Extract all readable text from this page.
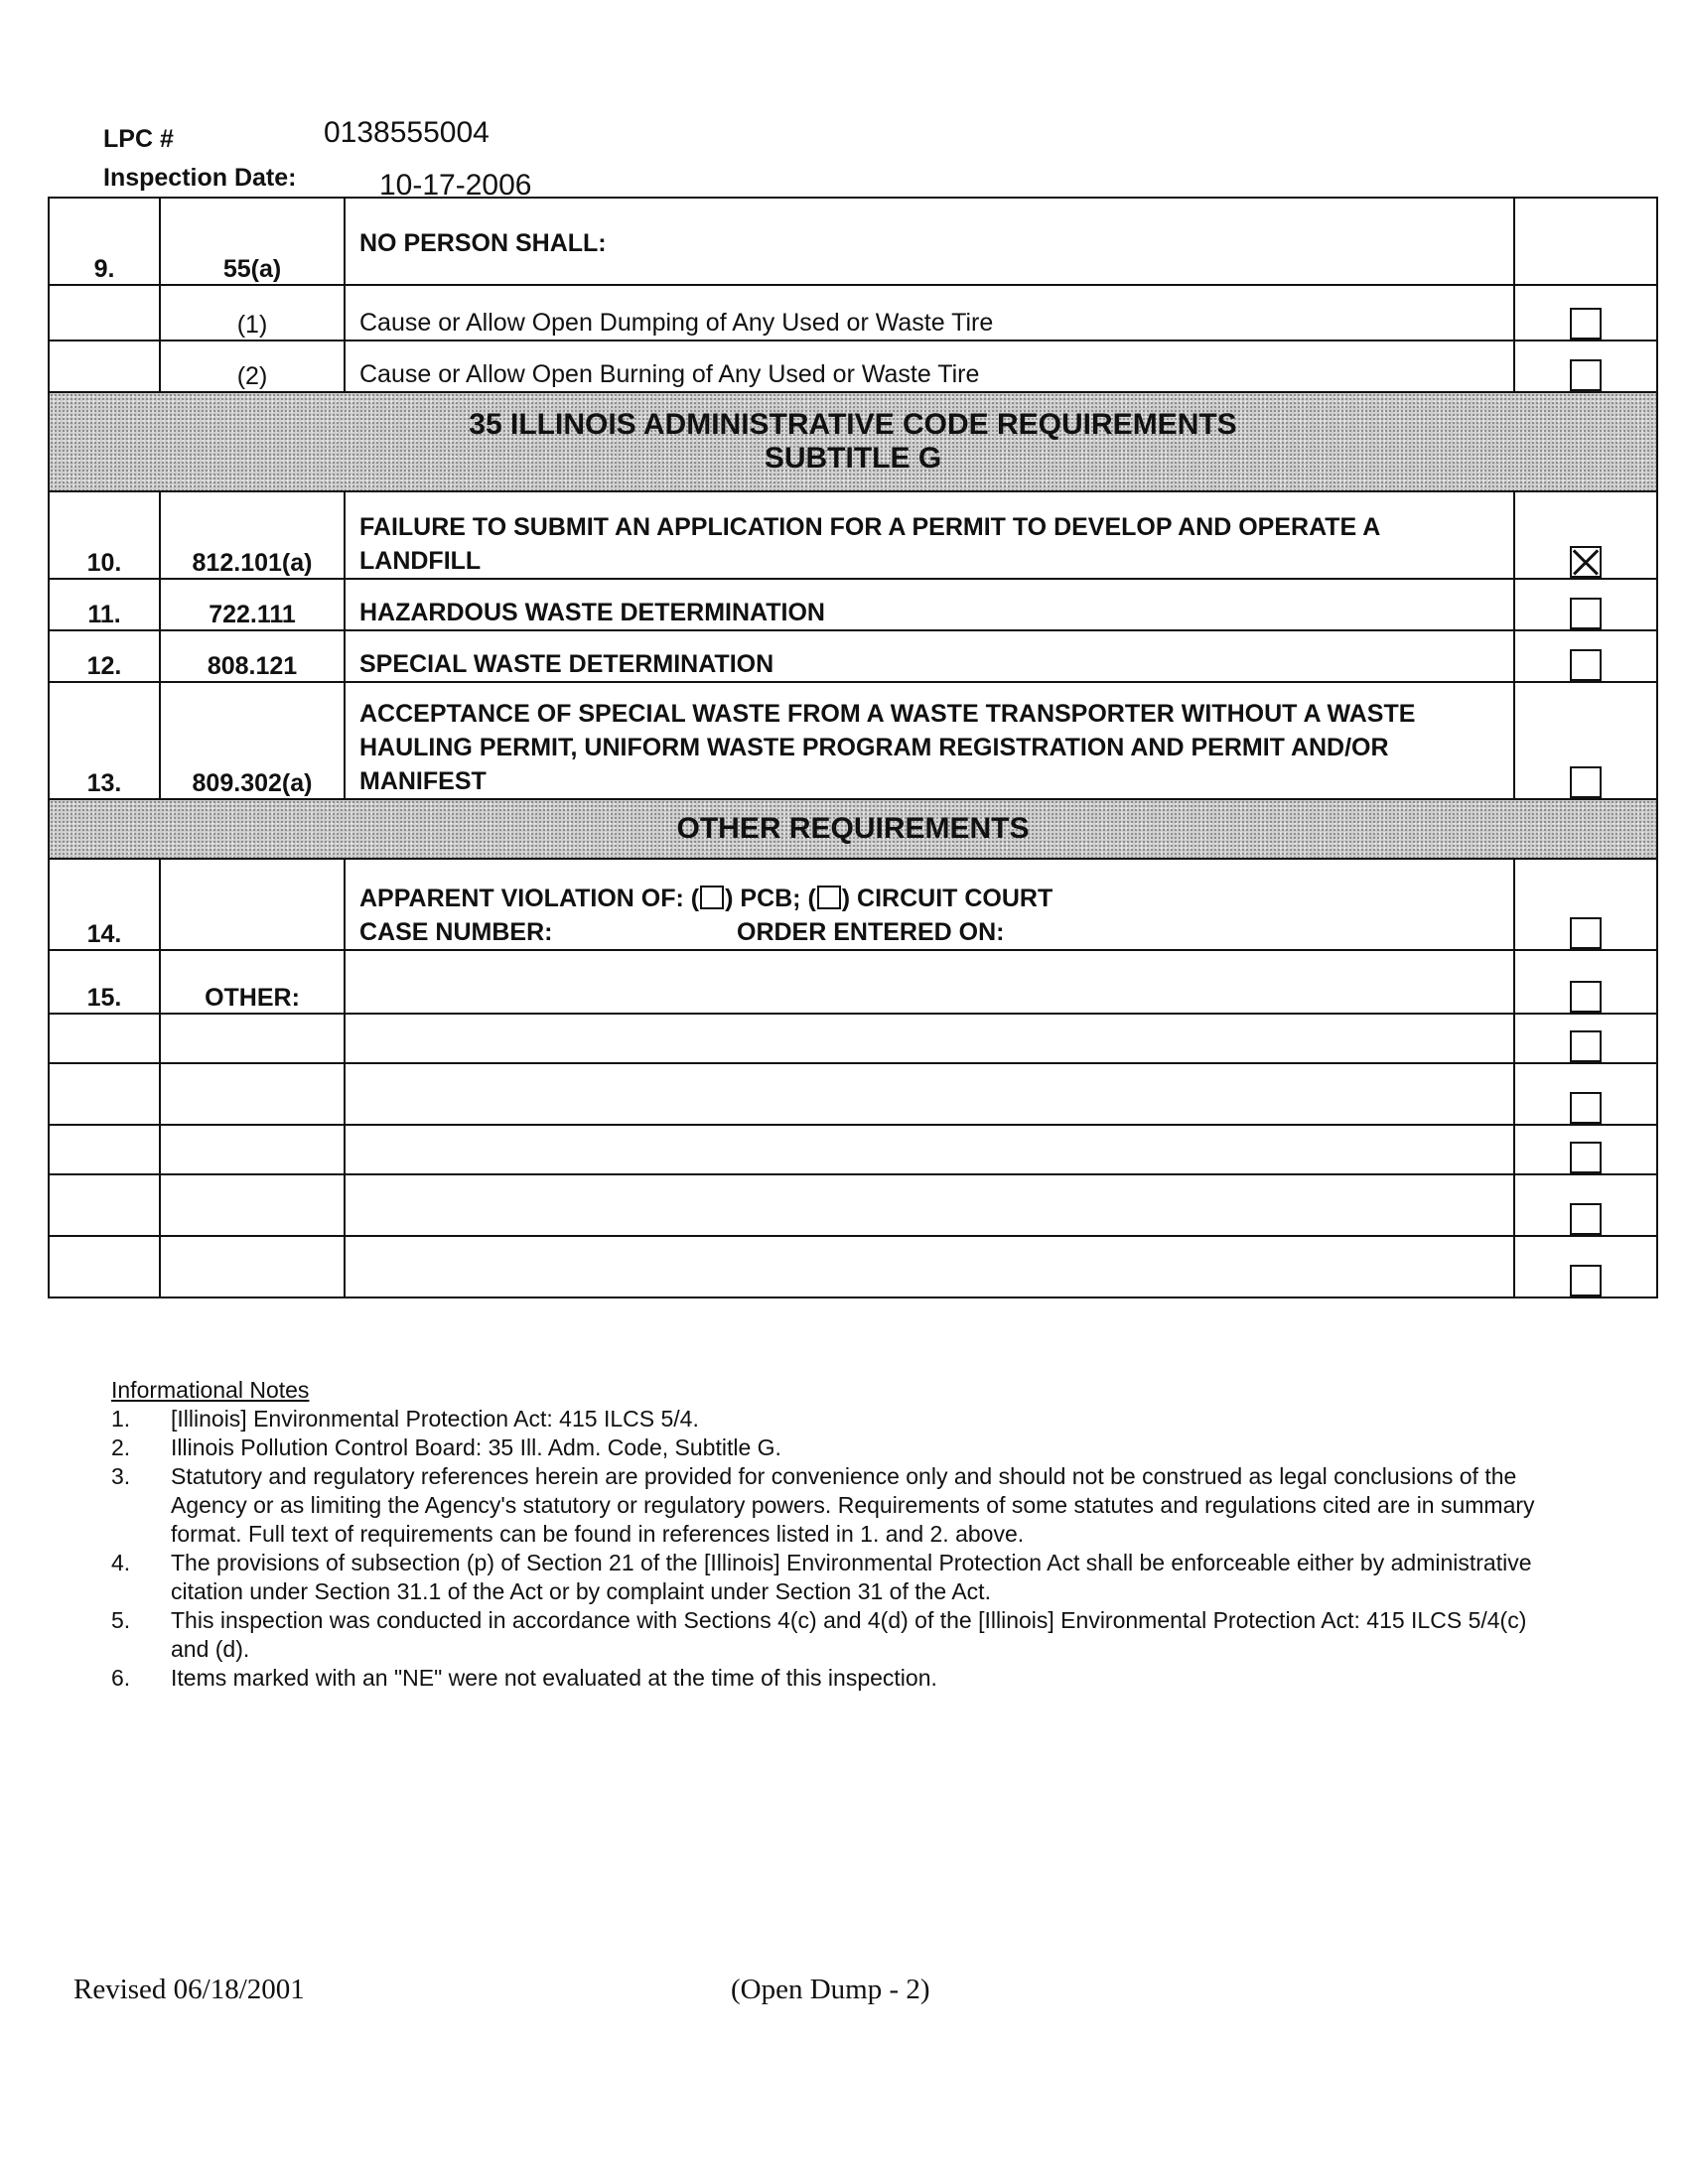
LPC #	0138555004
Inspection Date:	10-17-2006
9.	55(a)	NO PERSON SHALL:	
	(1)	Cause or Allow Open Dumping of Any Used or Waste Tire	
	(2)	Cause or Allow Open Burning of Any Used or Waste Tire	

35 ILLINOIS ADMINISTRATIVE CODE REQUIREMENTS
SUBTITLE G			

10.	812.101(a)	FAILURE TO SUBMIT AN APPLICATION FOR A PERMIT TO DEVELOP AND OPERATE A LANDFILL	
11.	722.111	HAZARDOUS WASTE DETERMINATION	
12.	808.121	SPECIAL WASTE DETERMINATION	
13.	809.302(a)	ACCEPTANCE OF SPECIAL WASTE FROM A WASTE TRANSPORTER WITHOUT A WASTE HAULING PERMIT, UNIFORM WASTE PROGRAM REGISTRATION AND PERMIT AND/OR MANIFEST	
OTHER REQUIREMENTS			
14.		APPARENT VIOLATION OF: ( ) PCB; ( ) CIRCUIT COURT
CASE NUMBER: ORDER ENTERED ON:	

15.	OTHER:		

Informational Notes
1.	[Illinois] Environmental Protection Act: 415 ILCS 5/4.
2.	Illinois Pollution Control Board: 35 Ill. Adm. Code, Subtitle G.
3.	Statutory and regulatory references herein are provided for convenience only and should not be construed as legal conclusions of the Agency or as limiting the Agency's statutory or regulatory powers. Requirements of some statutes and regulations cited are in summary format. Full text of requirements can be found in references listed in 1. and 2. above.
4.	The provisions of subsection (p) of Section 21 of the [Illinois] Environmental Protection Act shall be enforceable either by administrative citation under Section 31.1 of the Act or by complaint under Section 31 of the Act.
5.	This inspection was conducted in accordance with Sections 4(c) and 4(d) of the [Illinois] Environmental Protection Act: 415 ILCS 5/4(c) and (d).
6.	Items marked with an "NE" were not evaluated at the time of this inspection.
Revised 06/18/2001	(Open Dump - 2)
